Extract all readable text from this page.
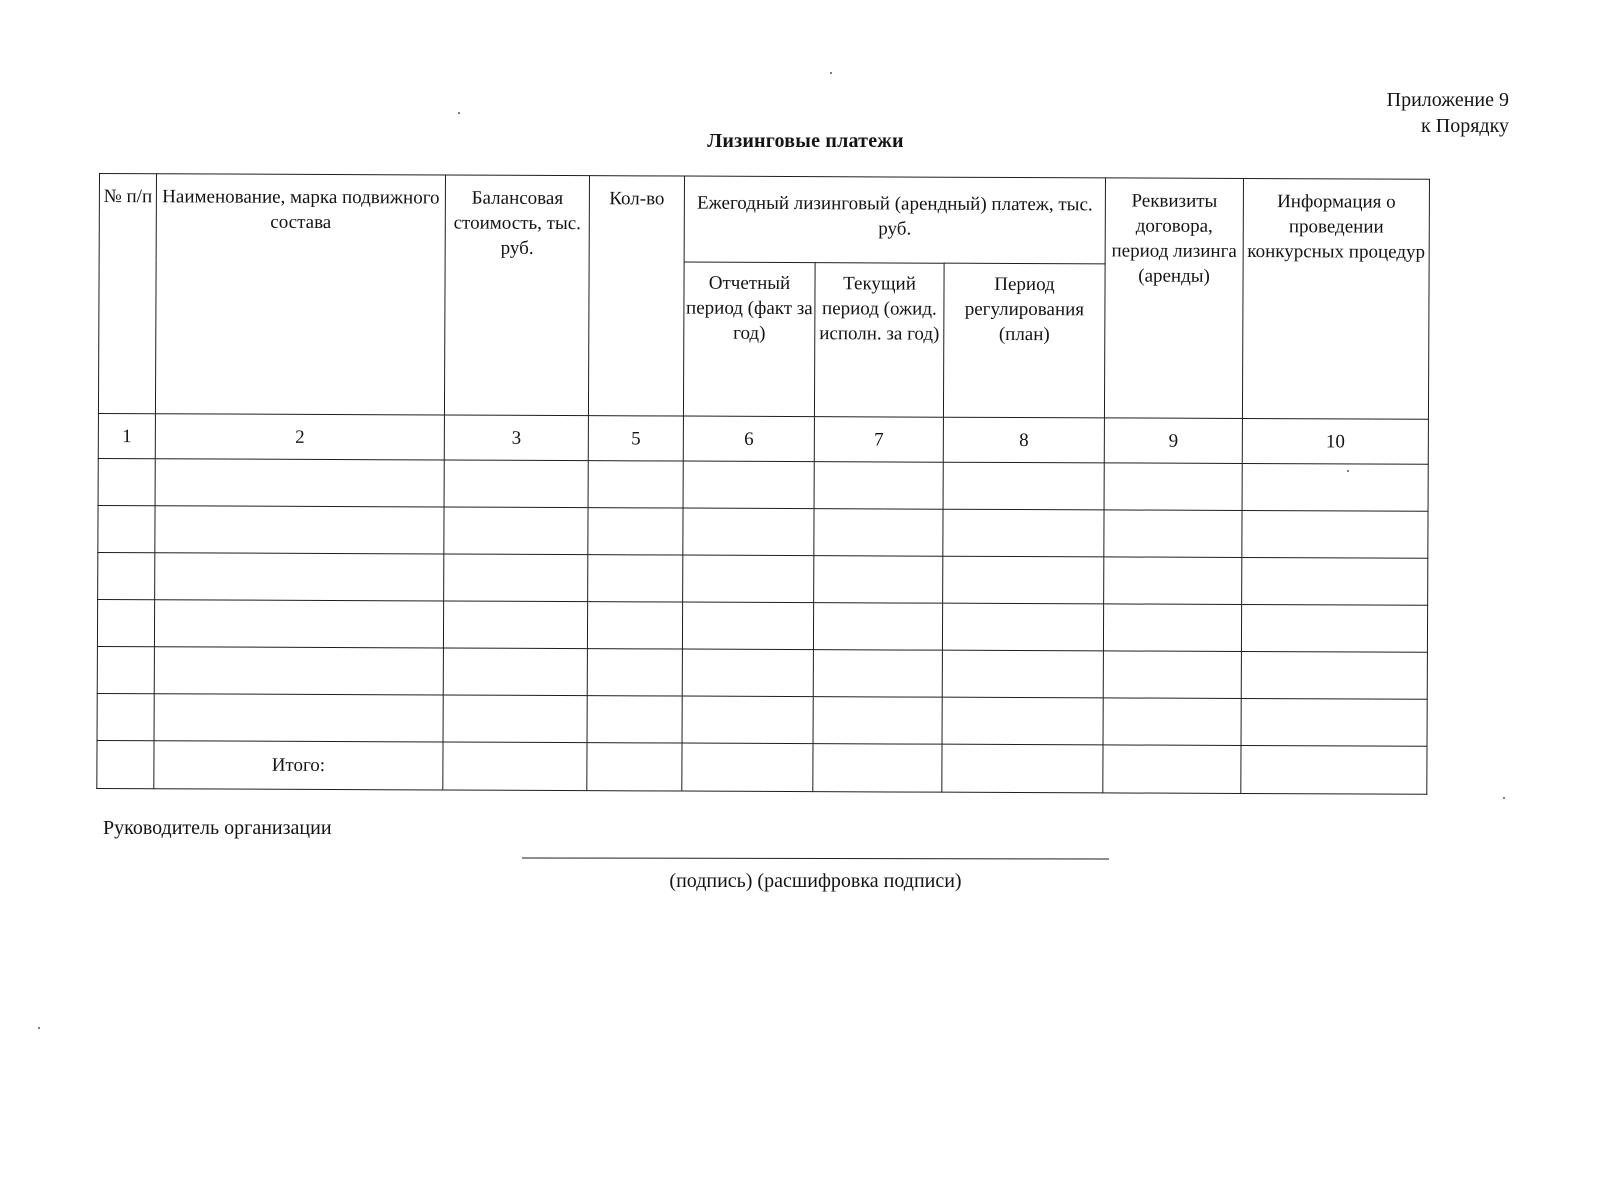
Приложение 9
к Порядку
Лизинговые платежи
№ п/п	Наименование, марка подвижного состава	Балансовая стоимость, тыс. руб.	Кол-во	Ежегодный лизинговый (арендный) платеж, тыс. руб.			Реквизиты договора, период лизинга (аренды)	Информация о проведении конкурсных процедур
				Отчетный период (факт за год)	Текущий период (ожид. исполн. за год)	Период регулирования (план)		
1	2	3	5	6	7	8	9	10

	Итого:							
Руководитель организации
(подпись) (расшифровка подписи)
